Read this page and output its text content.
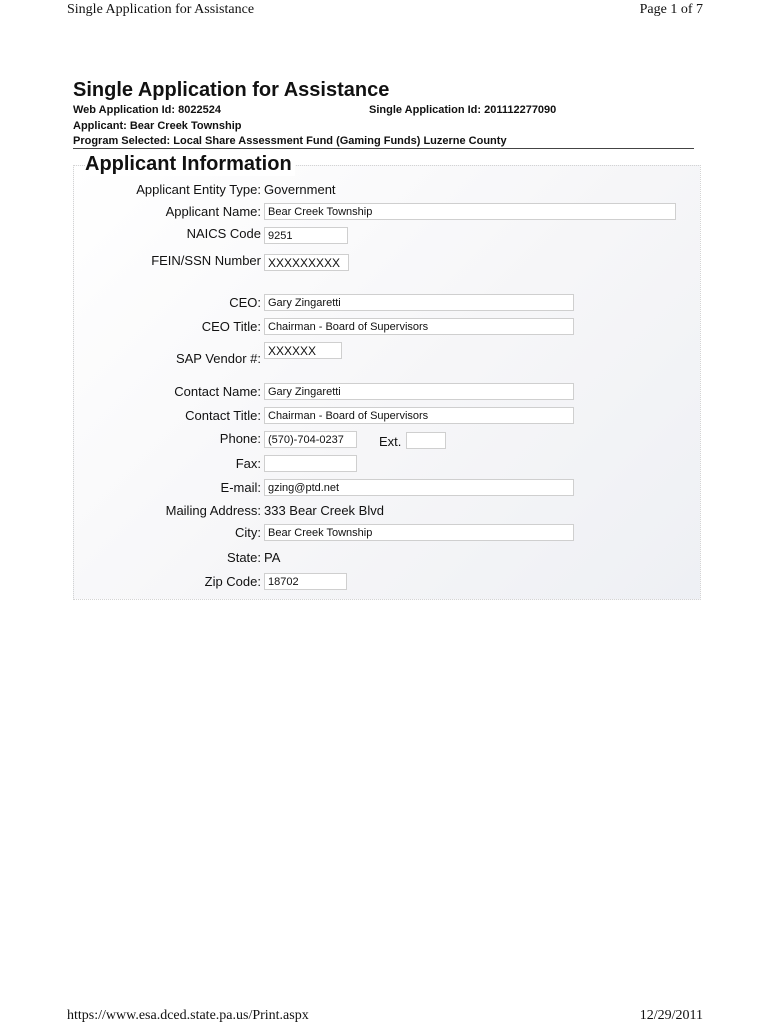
Single Application for Assistance	Page 1 of 7
Single Application for Assistance
Web Application Id: 8022524	Single Application Id: 201112277090
Applicant: Bear Creek Township
Program Selected: Local Share Assessment Fund (Gaming Funds) Luzerne County
Applicant Information
Applicant Entity Type: Government
Applicant Name: Bear Creek Township
NAICS Code 9251
FEIN/SSN Number XXXXXXXXX
CEO: Gary Zingaretti
CEO Title: Chairman - Board of Supervisors
SAP Vendor #: XXXXXX
Contact Name: Gary Zingaretti
Contact Title: Chairman - Board of Supervisors
Phone: (570)-704-0237	Ext.
Fax:
E-mail: gzing@ptd.net
Mailing Address: 333 Bear Creek Blvd
City: Bear Creek Township
State: PA
Zip Code: 18702
https://www.esa.dced.state.pa.us/Print.aspx	12/29/2011
